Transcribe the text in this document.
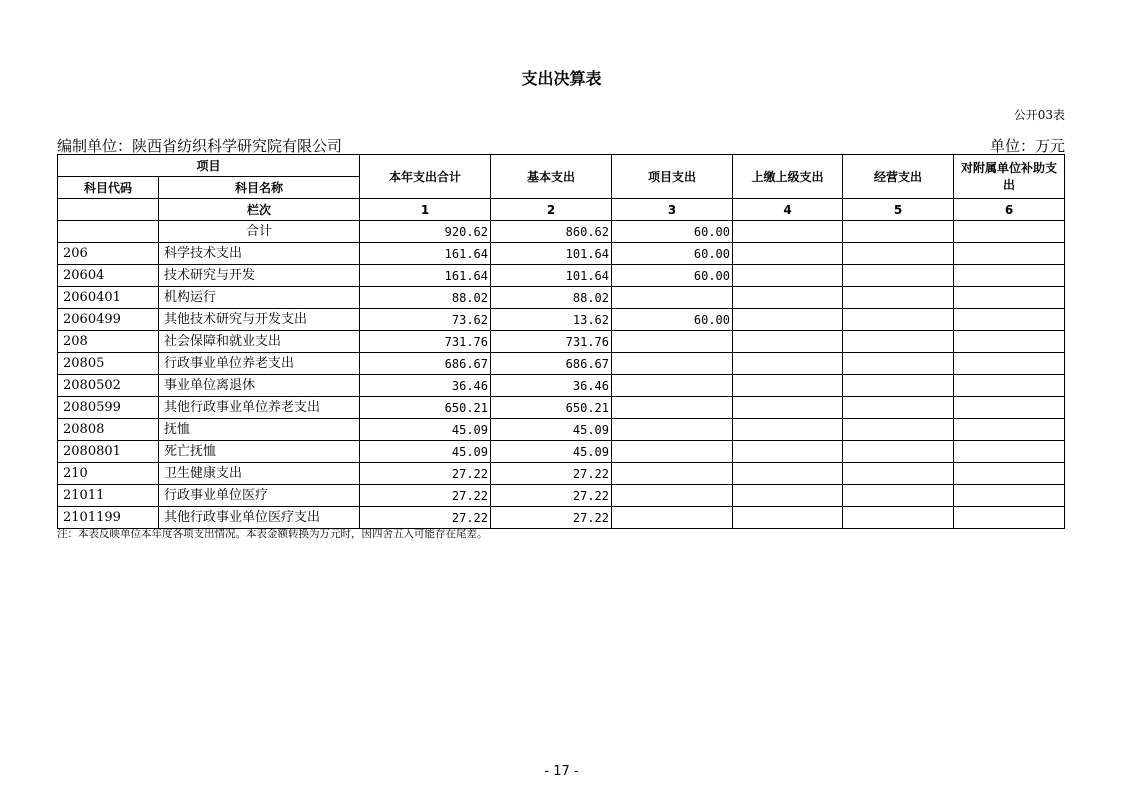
支出决算表
公开03表
编制单位：陕西省纺织科学研究院有限公司	单位：万元
项目		本年支出合计	基本支出	项目支出	上缴上级支出	经营支出	对附属单位补助支出
科目代码	科目名称						
	栏次	1	2	3	4	5	6
	合计	920.62	860.62	60.00			
206	科学技术支出	161.64	101.64	60.00			
20604	技术研究与开发	161.64	101.64	60.00			
2060401	机构运行	88.02	88.02				
2060499	其他技术研究与开发支出	73.62	13.62	60.00			
208	社会保障和就业支出	731.76	731.76				
20805	行政事业单位养老支出	686.67	686.67				
2080502	事业单位离退休	36.46	36.46				
2080599	其他行政事业单位养老支出	650.21	650.21				
20808	抚恤	45.09	45.09				
2080801	死亡抚恤	45.09	45.09				
210	卫生健康支出	27.22	27.22				
21011	行政事业单位医疗	27.22	27.22				
2101199	其他行政事业单位医疗支出	27.22	27.22				
注：本表反映单位本年度各项支出情况。本表金额转换为万元时，因四舍五入可能存在尾差。
- 17 -
